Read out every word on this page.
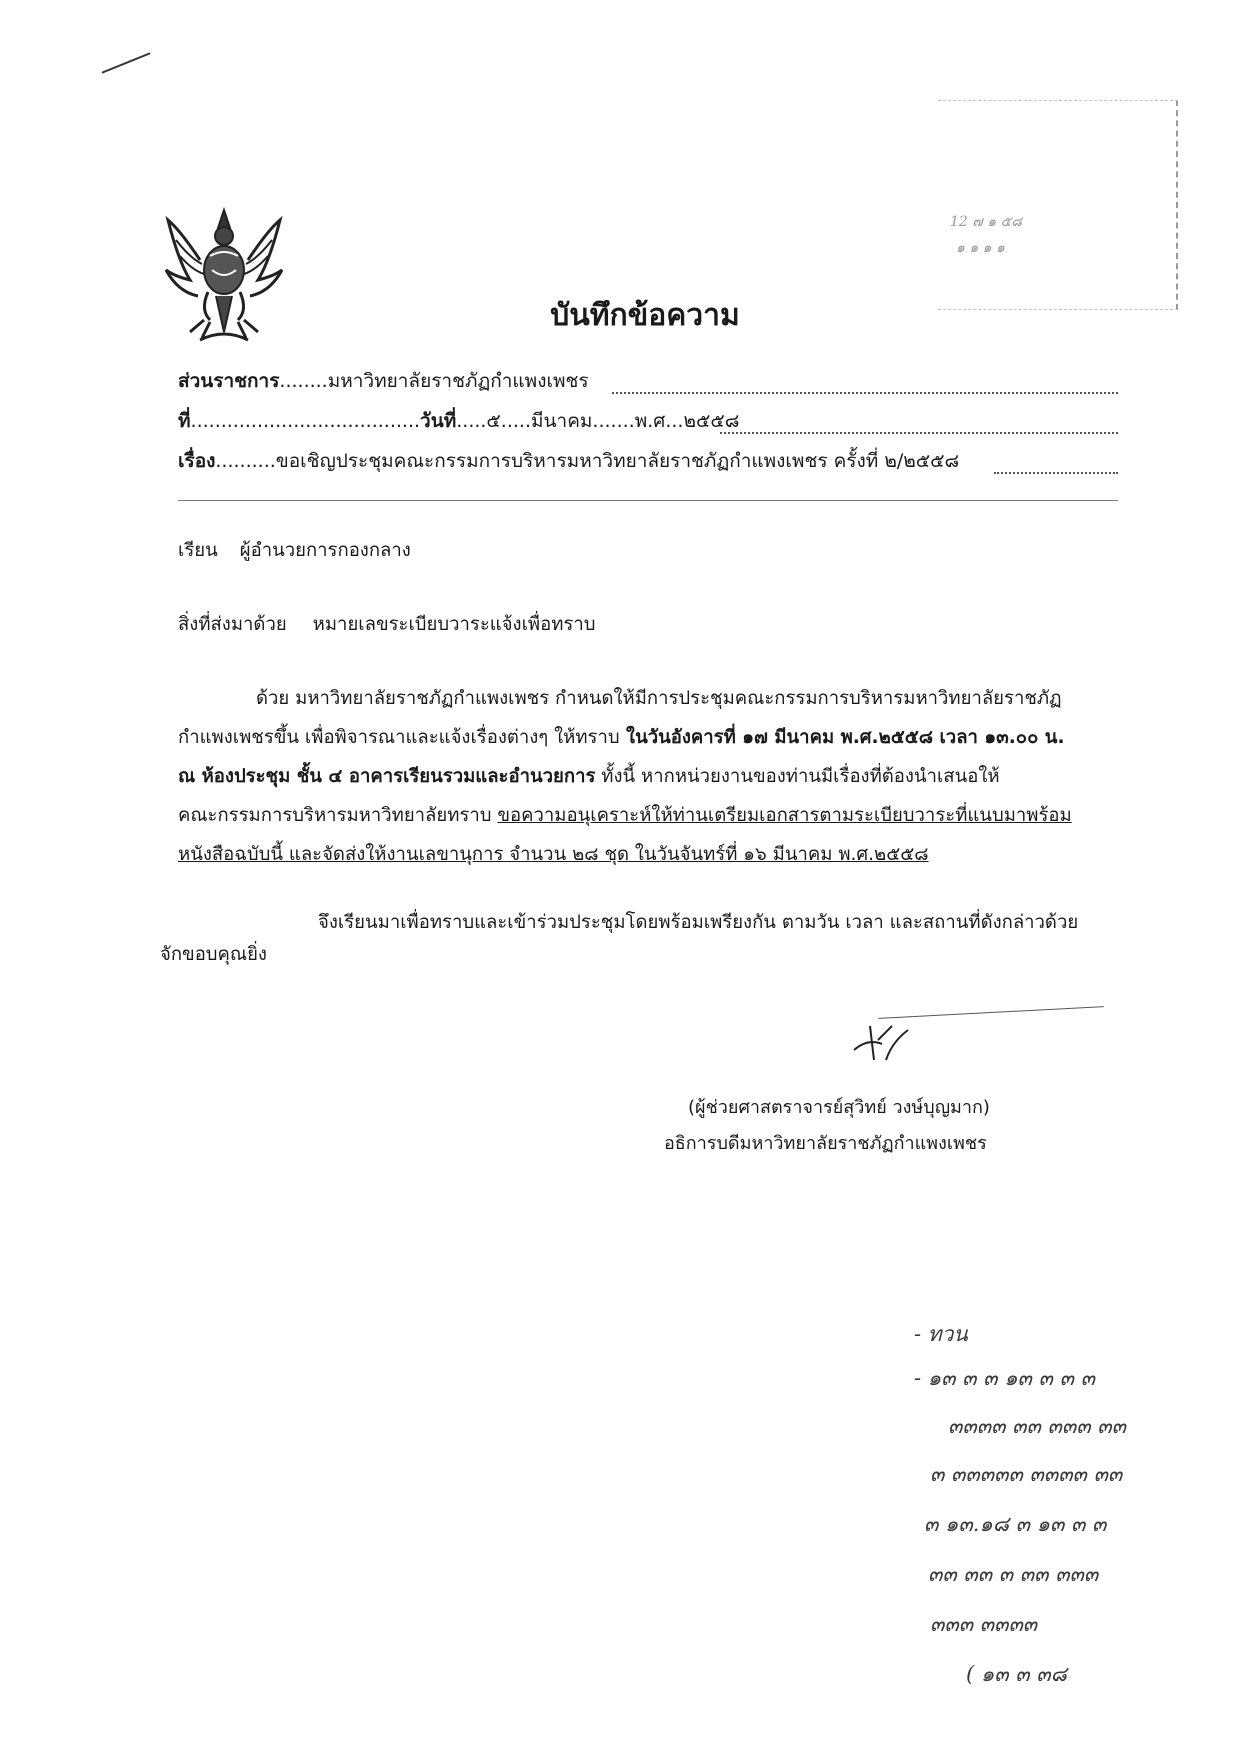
12 ๗ ๑ ๕๘
๑ ๑ ๑ ๑
บันทึกข้อความ
ส่วนราชการ........มหาวิทยาลัยราชภัฏกำแพงเพชร
ที่......................................วันที่.....๕.....มีนาคม.......พ.ศ...๒๕๕๘
เรื่อง..........ขอเชิญประชุมคณะกรรมการบริหารมหาวิทยาลัยราชภัฏกำแพงเพชร ครั้งที่ ๒/๒๕๕๘
เรียน ผู้อำนวยการกองกลาง
สิ่งที่ส่งมาด้วย หมายเลขระเบียบวาระแจ้งเพื่อทราบ
ด้วย มหาวิทยาลัยราชภัฏกำแพงเพชร กำหนดให้มีการประชุมคณะกรรมการบริหารมหาวิทยาลัยราชภัฏ
กำแพงเพชรขึ้น เพื่อพิจารณาและแจ้งเรื่องต่างๆ ให้ทราบ ในวันอังคารที่ ๑๗ มีนาคม พ.ศ.๒๕๕๘ เวลา ๑๓.๐๐ น.
ณ ห้องประชุม ชั้น ๔ อาคารเรียนรวมและอำนวยการ ทั้งนี้ หากหน่วยงานของท่านมีเรื่องที่ต้องนำเสนอให้
คณะกรรมการบริหารมหาวิทยาลัยทราบ ขอความอนุเคราะห์ให้ท่านเตรียมเอกสารตามระเบียบวาระที่แนบมาพร้อม
หนังสือฉบับนี้ และจัดส่งให้งานเลขานุการ จำนวน ๒๘ ชุด ในวันจันทร์ที่ ๑๖ มีนาคม พ.ศ.๒๕๕๘
จึงเรียนมาเพื่อทราบและเข้าร่วมประชุมโดยพร้อมเพรียงกัน ตามวัน เวลา และสถานที่ดังกล่าวด้วย
จักขอบคุณยิ่ง
(ผู้ช่วยศาสตราจารย์สุวิทย์ วงษ์บุญมาก)
อธิการบดีมหาวิทยาลัยราชภัฏกำแพงเพชร
- ทวน
- ๑๓ ๓ ๓ ๑๓ ๓ ๓ ๓
๓๓๓๓ ๓๓ ๓๓๓ ๓๓
๓ ๓๓๓๓๓ ๓๓๓๓ ๓๓
๓ ๑๓.๑๘ ๓ ๑๓ ๓ ๓
๓๓ ๓๓ ๓ ๓๓ ๓๓๓
๓๓๓ ๓๓๓๓
( ๑๓ ๓ ๓๘
